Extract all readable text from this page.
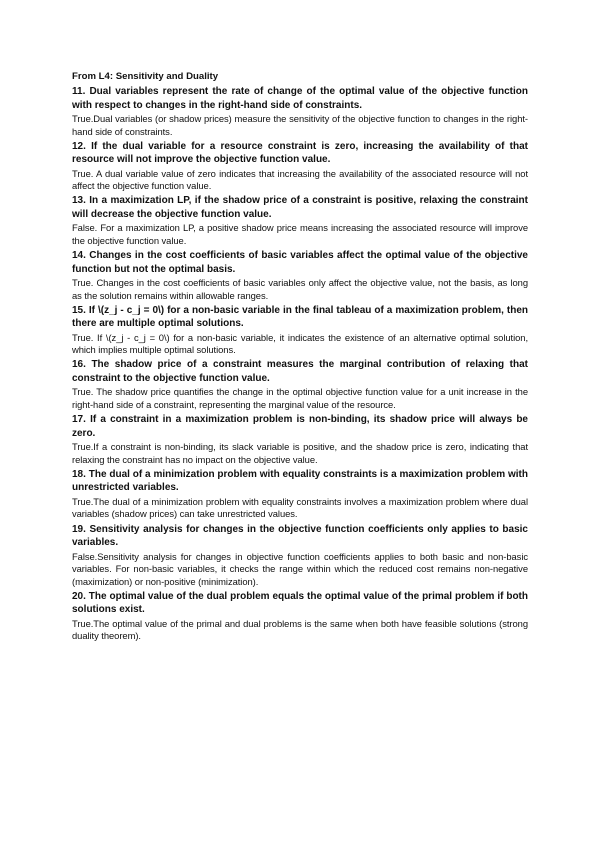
From L4: Sensitivity and Duality
11. Dual variables represent the rate of change of the optimal value of the objective function with respect to changes in the right-hand side of constraints.
True.Dual variables (or shadow prices) measure the sensitivity of the objective function to changes in the right-hand side of constraints.
12. If the dual variable for a resource constraint is zero, increasing the availability of that resource will not improve the objective function value.
True. A dual variable value of zero indicates that increasing the availability of the associated resource will not affect the objective function value.
13. In a maximization LP, if the shadow price of a constraint is positive, relaxing the constraint will decrease the objective function value.
False. For a maximization LP, a positive shadow price means increasing the associated resource will improve the objective function value.
14. Changes in the cost coefficients of basic variables affect the optimal value of the objective function but not the optimal basis.
True. Changes in the cost coefficients of basic variables only affect the objective value, not the basis, as long as the solution remains within allowable ranges.
15. If \(z_j - c_j = 0\) for a non-basic variable in the final tableau of a maximization problem, then there are multiple optimal solutions.
True. If \(z_j - c_j = 0\) for a non-basic variable, it indicates the existence of an alternative optimal solution, which implies multiple optimal solutions.
16. The shadow price of a constraint measures the marginal contribution of relaxing that constraint to the objective function value.
True. The shadow price quantifies the change in the optimal objective function value for a unit increase in the right-hand side of a constraint, representing the marginal value of the resource.
17. If a constraint in a maximization problem is non-binding, its shadow price will always be zero.
True.If a constraint is non-binding, its slack variable is positive, and the shadow price is zero, indicating that relaxing the constraint has no impact on the objective value.
18. The dual of a minimization problem with equality constraints is a maximization problem with unrestricted variables.
True.The dual of a minimization problem with equality constraints involves a maximization problem where dual variables (shadow prices) can take unrestricted values.
19. Sensitivity analysis for changes in the objective function coefficients only applies to basic variables.
False.Sensitivity analysis for changes in objective function coefficients applies to both basic and non-basic variables. For non-basic variables, it checks the range within which the reduced cost remains non-negative (maximization) or non-positive (minimization).
20. The optimal value of the dual problem equals the optimal value of the primal problem if both solutions exist.
True.The optimal value of the primal and dual problems is the same when both have feasible solutions (strong duality theorem).
